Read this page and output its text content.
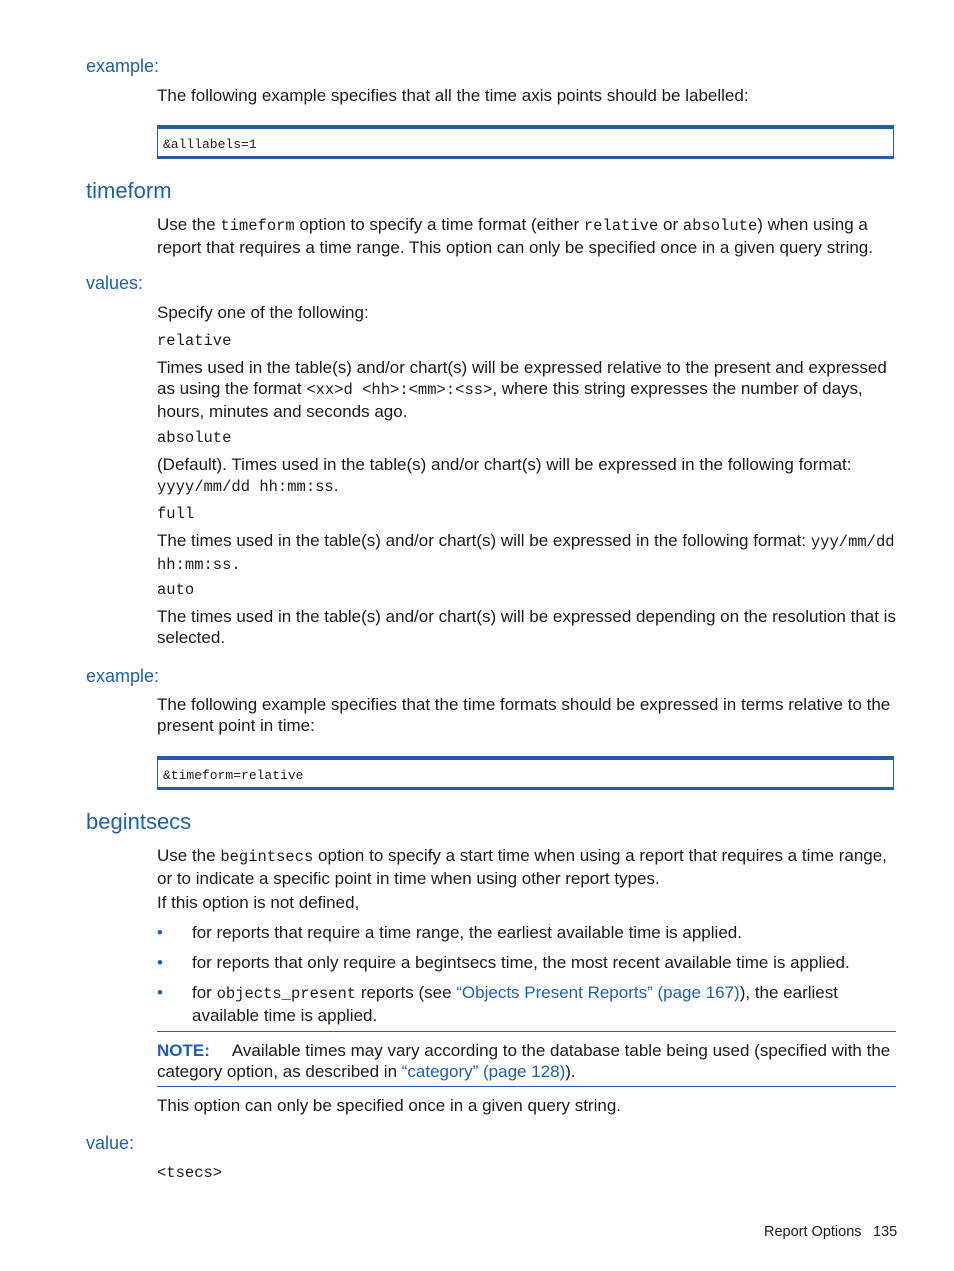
example:
The following example specifies that all the time axis points should be labelled:
&alllabels=1
timeform
Use the timeform option to specify a time format (either relative or absolute) when using a report that requires a time range. This option can only be specified once in a given query string.
values:
Specify one of the following:
relative
Times used in the table(s) and/or chart(s) will be expressed relative to the present and expressed as using the format <xx>d <hh>:<mm>:<ss>, where this string expresses the number of days, hours, minutes and seconds ago.
absolute
(Default). Times used in the table(s) and/or chart(s) will be expressed in the following format: yyyy/mm/dd hh:mm:ss.
full
The times used in the table(s) and/or chart(s) will be expressed in the following format: yyy/mm/dd hh:mm:ss.
auto
The times used in the table(s) and/or chart(s) will be expressed depending on the resolution that is selected.
example:
The following example specifies that the time formats should be expressed in terms relative to the present point in time:
&timeform=relative
begintsecs
Use the begintsecs option to specify a start time when using a report that requires a time range, or to indicate a specific point in time when using other report types.
If this option is not defined,
• for reports that require a time range, the earliest available time is applied.
• for reports that only require a begintsecs time, the most recent available time is applied.
• for objects_present reports (see “Objects Present Reports” (page 167)), the earliest available time is applied.
NOTE: Available times may vary according to the database table being used (specified with the category option, as described in “category” (page 128)).
This option can only be specified once in a given query string.
value:
<tsecs>
Report Options 135
